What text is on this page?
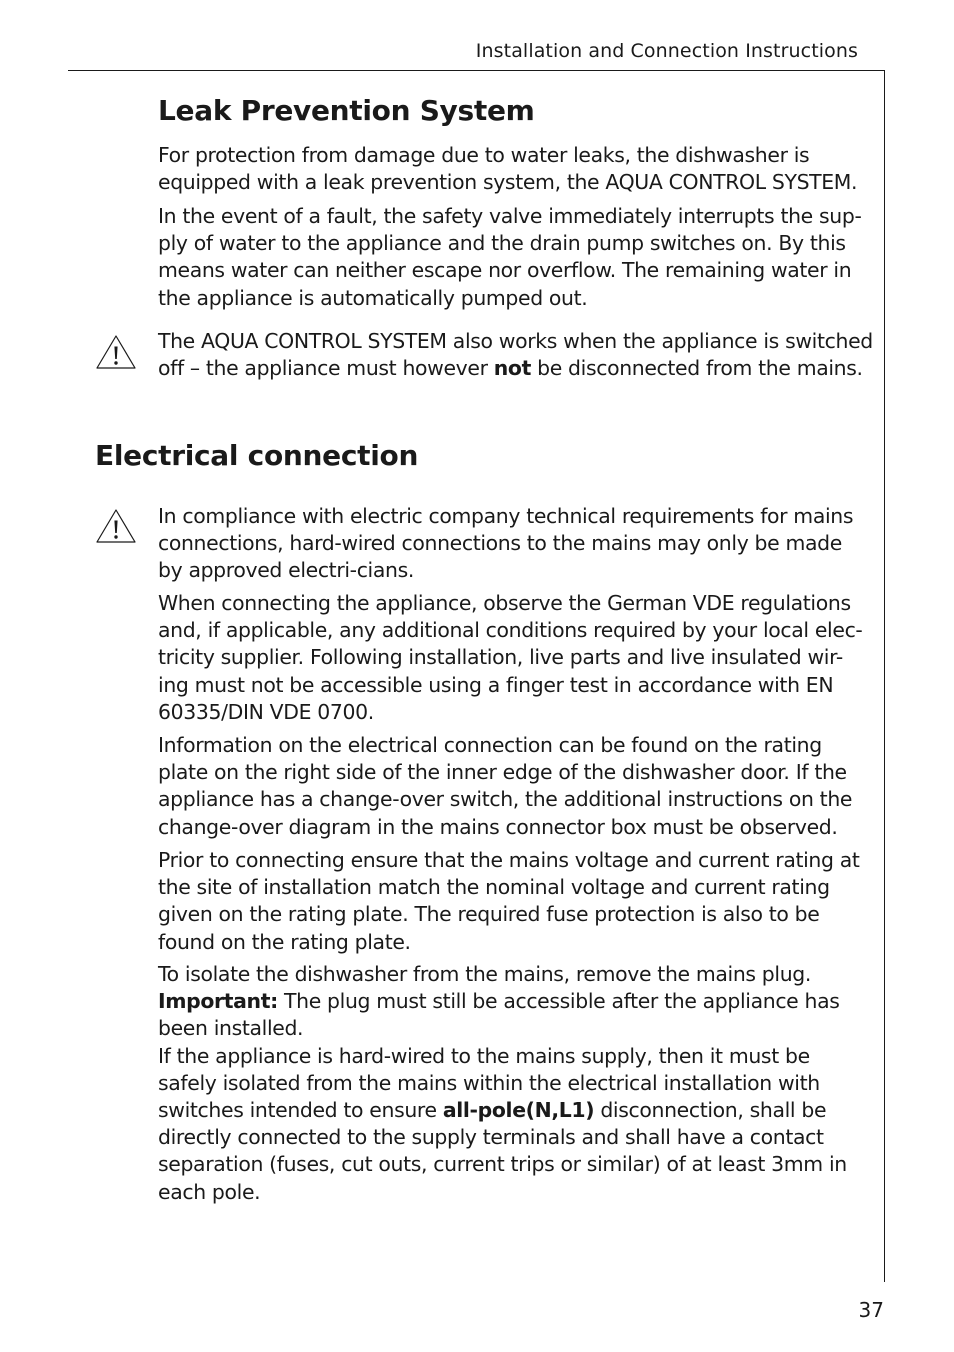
Installation and Connection Instructions
Leak Prevention System

For protection from damage due to water leaks, the dishwasher is
equipped with a leak prevention system, the AQUA CONTROL SYSTEM.

In the event of a fault, the safety valve immediately interrupts the sup-
ply of water to the appliance and the drain pump switches on. By this
means water can neither escape nor overflow. The remaining water in
the appliance is automatically pumped out.

The AQUA CONTROL SYSTEM also works when the appliance is switched
off – the appliance must however not be disconnected from the mains.

Electrical connection

In compliance with electric company technical requirements for mains
connections, hard-wired connections to the mains may only be made
by approved electri-cians.

When connecting the appliance, observe the German VDE regulations
and, if applicable, any additional conditions required by your local elec-
tricity supplier. Following installation, live parts and live insulated wir-
ing must not be accessible using a finger test in accordance with EN
60335/DIN VDE 0700.

Information on the electrical connection can be found on the rating
plate on the right side of the inner edge of the dishwasher door. If the
appliance has a change-over switch, the additional instructions on the
change-over diagram in the mains connector box must be observed.

Prior to connecting ensure that the mains voltage and current rating at
the site of installation match the nominal voltage and current rating
given on the rating plate. The required fuse protection is also to be
found on the rating plate.

To isolate the dishwasher from the mains, remove the mains plug.
Important: The plug must still be accessible after the appliance has
been installed.
If the appliance is hard-wired to the mains supply, then it must be
safely isolated from the mains within the electrical installation with
switches intended to ensure all-pole(N,L1) disconnection, shall be
directly connected to the supply terminals and shall have a contact
separation (fuses, cut outs, current trips or similar) of at least 3mm in
each pole.

37
